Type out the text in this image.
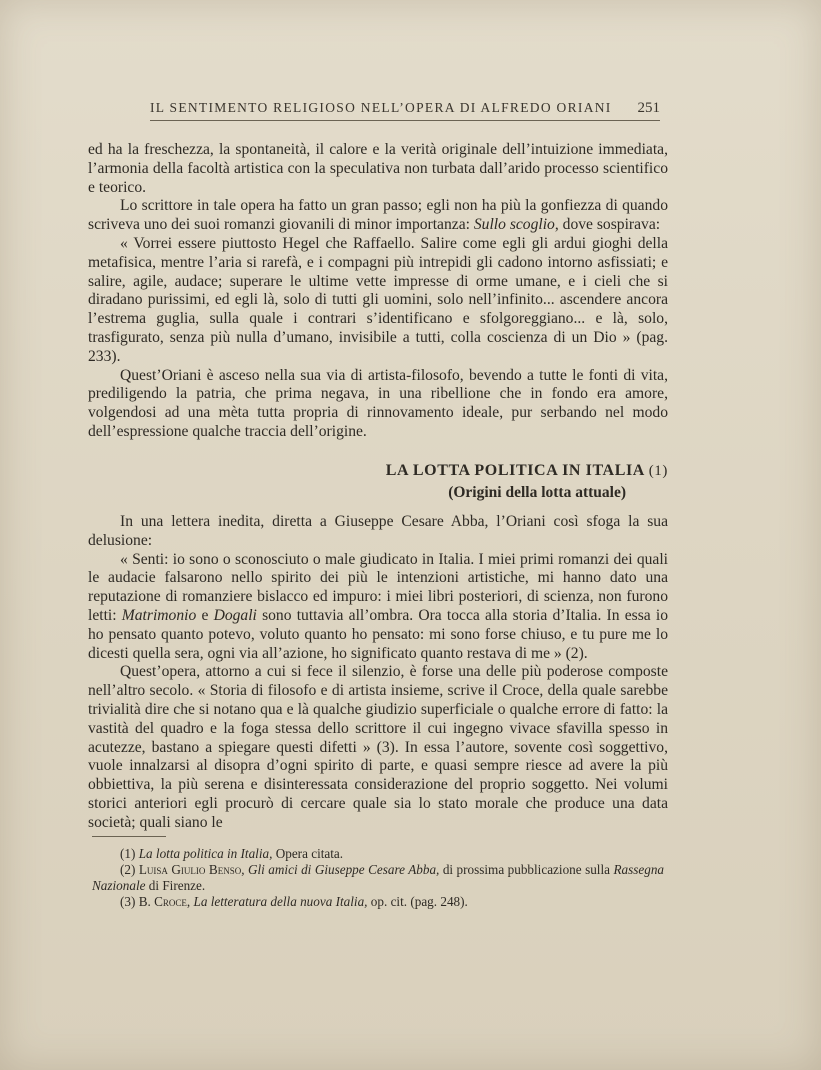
IL SENTIMENTO RELIGIOSO NELL’OPERA DI ALFREDO ORIANI 251

ed ha la freschezza, la spontaneità, il calore e la verità originale dell’intuizione immediata, l’armonia della facoltà artistica con la speculativa non turbata dall’arido processo scientifico e teorico.

Lo scrittore in tale opera ha fatto un gran passo; egli non ha più la gonfiezza di quando scriveva uno dei suoi romanzi giovanili di minor importanza: Sullo scoglio, dove sospirava:

« Vorrei essere piuttosto Hegel che Raffaello. Salire come egli gli ardui gioghi della metafisica, mentre l’aria si rarefà, e i compagni più intrepidi gli cadono intorno asfissiati; e salire, agile, audace; superare le ultime vette impresse di orme umane, e i cieli che si diradano purissimi, ed egli là, solo di tutti gli uomini, solo nell’infinito... ascendere ancora l’estrema guglia, sulla quale i contrari s’identificano e sfolgoreggiano... e là, solo, trasfigurato, senza più nulla d’umano, invisibile a tutti, colla coscienza di un Dio » (pag. 233).

Quest’Oriani è asceso nella sua via di artista-filosofo, bevendo a tutte le fonti di vita, prediligendo la patria, che prima negava, in una ribellione che in fondo era amore, volgendosi ad una mèta tutta propria di rinnovamento ideale, pur serbando nel modo dell’espressione qualche traccia dell’origine.

LA LOTTA POLITICA IN ITALIA (1)
(Origini della lotta attuale)

In una lettera inedita, diretta a Giuseppe Cesare Abba, l’Oriani così sfoga la sua delusione:

« Senti: io sono o sconosciuto o male giudicato in Italia. I miei primi romanzi dei quali le audacie falsarono nello spirito dei più le intenzioni artistiche, mi hanno dato una reputazione di romanziere bislacco ed impuro: i miei libri posteriori, di scienza, non furono letti: Matrimonio e Dogali sono tuttavia all’ombra. Ora tocca alla storia d’Italia. In essa io ho pensato quanto potevo, voluto quanto ho pensato: mi sono forse chiuso, e tu pure me lo dicesti quella sera, ogni via all’azione, ho significato quanto restava di me » (2).

Quest’opera, attorno a cui si fece il silenzio, è forse una delle più poderose composte nell’altro secolo. « Storia di filosofo e di artista insieme, scrive il Croce, della quale sarebbe trivialità dire che si notano qua e là qualche giudizio superficiale o qualche errore di fatto: la vastità del quadro e la foga stessa dello scrittore il cui ingegno vivace sfavilla spesso in acutezze, bastano a spiegare questi difetti » (3). In essa l’autore, sovente così soggettivo, vuole innalzarsi al disopra d’ogni spirito di parte, e quasi sempre riesce ad avere la più obbiettiva, la più serena e disinteressata considerazione del proprio soggetto. Nei volumi storici anteriori egli procurò di cercare quale sia lo stato morale che produce una data società; quali siano le

(1) La lotta politica in Italia, Opera citata.

(2) Luisa Giulio Benso, Gli amici di Giuseppe Cesare Abba, di prossima pubblicazione sulla Rassegna Nazionale di Firenze.

(3) B. Croce, La letteratura della nuova Italia, op. cit. (pag. 248).
